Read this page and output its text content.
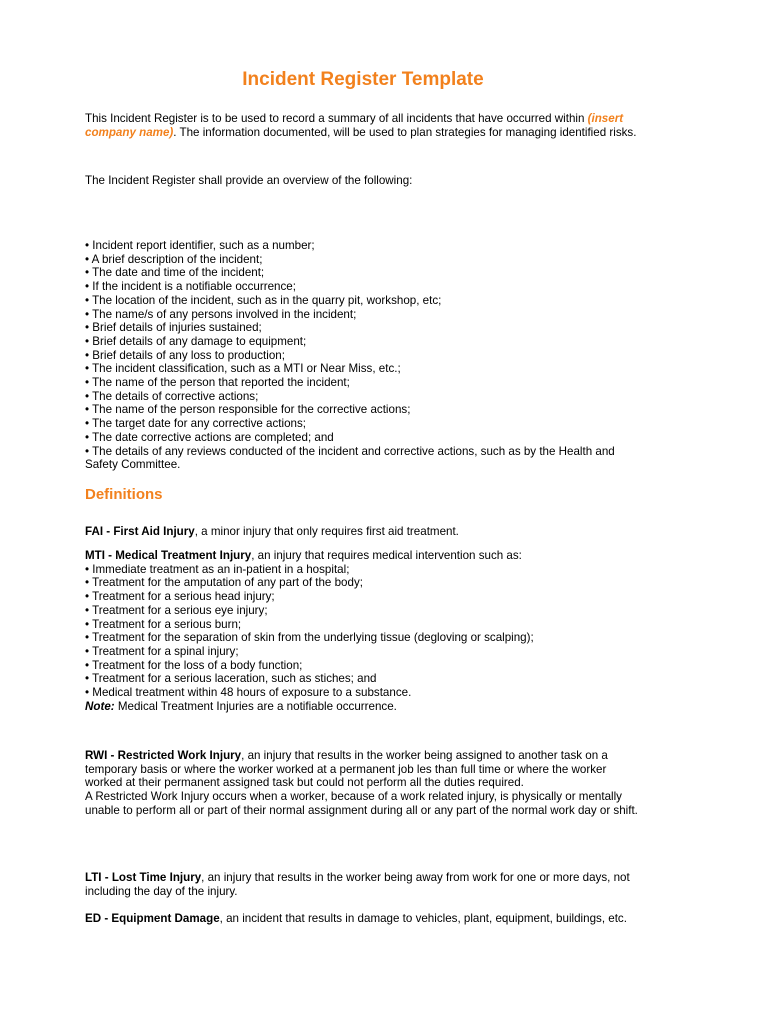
Incident Register Template

This Incident Register is to be used to record a summary of all incidents that have occurred within (insert company name). The information documented, will be used to plan strategies for managing identified risks.

The Incident Register shall provide an overview of the following:

• Incident report identifier, such as a number;
• A brief description of the incident;
• The date and time of the incident;
• If the incident is a notifiable occurrence;
• The location of the incident, such as in the quarry pit, workshop, etc;
• The name/s of any persons involved in the incident;
• Brief details of injuries sustained;
• Brief details of any damage to equipment;
• Brief details of any loss to production;
• The incident classification, such as a MTI or Near Miss, etc.;
• The name of the person that reported the incident;
• The details of corrective actions;
• The name of the person responsible for the corrective actions;
• The target date for any corrective actions;
• The date corrective actions are completed; and
• The details of any reviews conducted of the incident and corrective actions, such as by the Health and Safety Committee.
Definitions

FAI - First Aid Injury, a minor injury that only requires first aid treatment.

MTI - Medical Treatment Injury, an injury that requires medical intervention such as:

• Immediate treatment as an in-patient in a hospital;
• Treatment for the amputation of any part of the body;
• Treatment for a serious head injury;
• Treatment for a serious eye injury;
• Treatment for a serious burn;
• Treatment for the separation of skin from the underlying tissue (degloving or scalping);
• Treatment for a spinal injury;
• Treatment for the loss of a body function;
• Treatment for a serious laceration, such as stiches; and
• Medical treatment within 48 hours of exposure to a substance.

Note: Medical Treatment Injuries are a notifiable occurrence.

RWI - Restricted Work Injury, an injury that results in the worker being assigned to another task on a temporary basis or where the worker worked at a permanent job les than full time or where the worker worked at their permanent assigned task but could not perform all the duties required.

A Restricted Work Injury occurs when a worker, because of a work related injury, is physically or mentally unable to perform all or part of their normal assignment during all or any part of the normal work day or shift.

LTI - Lost Time Injury, an injury that results in the worker being away from work for one or more days, not including the day of the injury.

ED - Equipment Damage, an incident that results in damage to vehicles, plant, equipment, buildings, etc.
